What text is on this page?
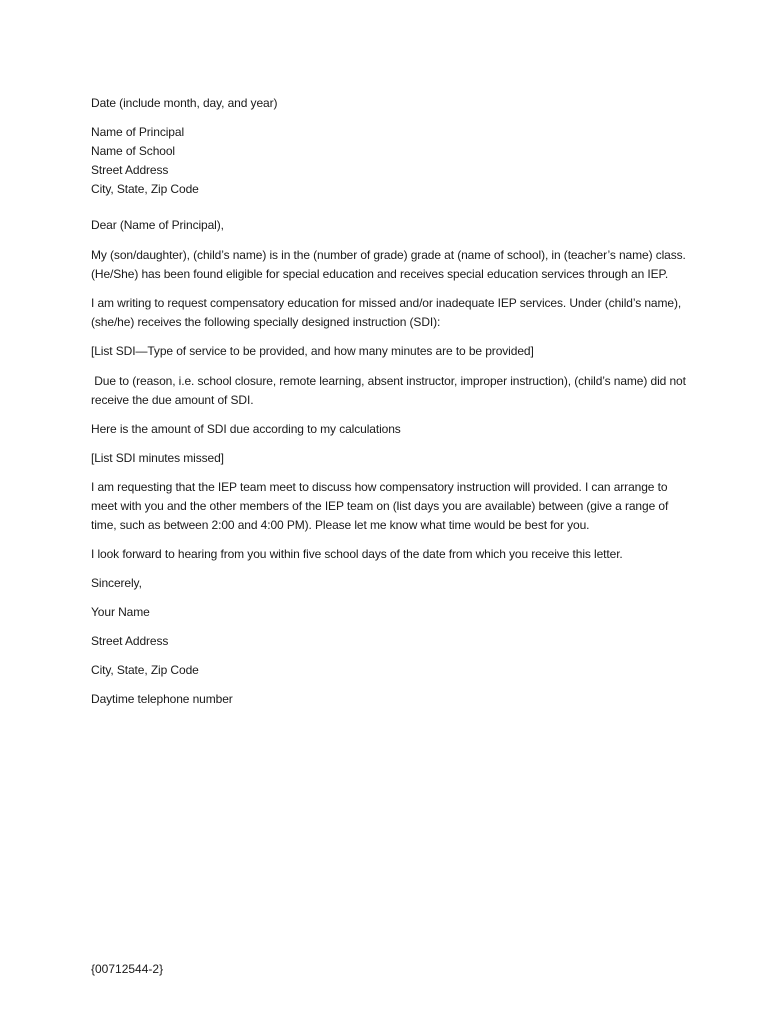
Date (include month, day, and year)

Name of Principal
Name of School
Street Address
City, State, Zip Code

Dear (Name of Principal),

My (son/daughter), (child’s name) is in the (number of grade) grade at (name of school), in (teacher’s name) class. (He/She) has been found eligible for special education and receives special education services through an IEP.

I am writing to request compensatory education for missed and/or inadequate IEP services. Under (child’s name), (she/he) receives the following specially designed instruction (SDI):

[List SDI—Type of service to be provided, and how many minutes are to be provided]

Due to (reason, i.e. school closure, remote learning, absent instructor, improper instruction), (child’s name) did not receive the due amount of SDI.

Here is the amount of SDI due according to my calculations

[List SDI minutes missed]

I am requesting that the IEP team meet to discuss how compensatory instruction will provided. I can arrange to meet with you and the other members of the IEP team on (list days you are available) between (give a range of time, such as between 2:00 and 4:00 PM). Please let me know what time would be best for you.

I look forward to hearing from you within five school days of the date from which you receive this letter.

Sincerely,

Your Name

Street Address

City, State, Zip Code

Daytime telephone number

{00712544-2}
